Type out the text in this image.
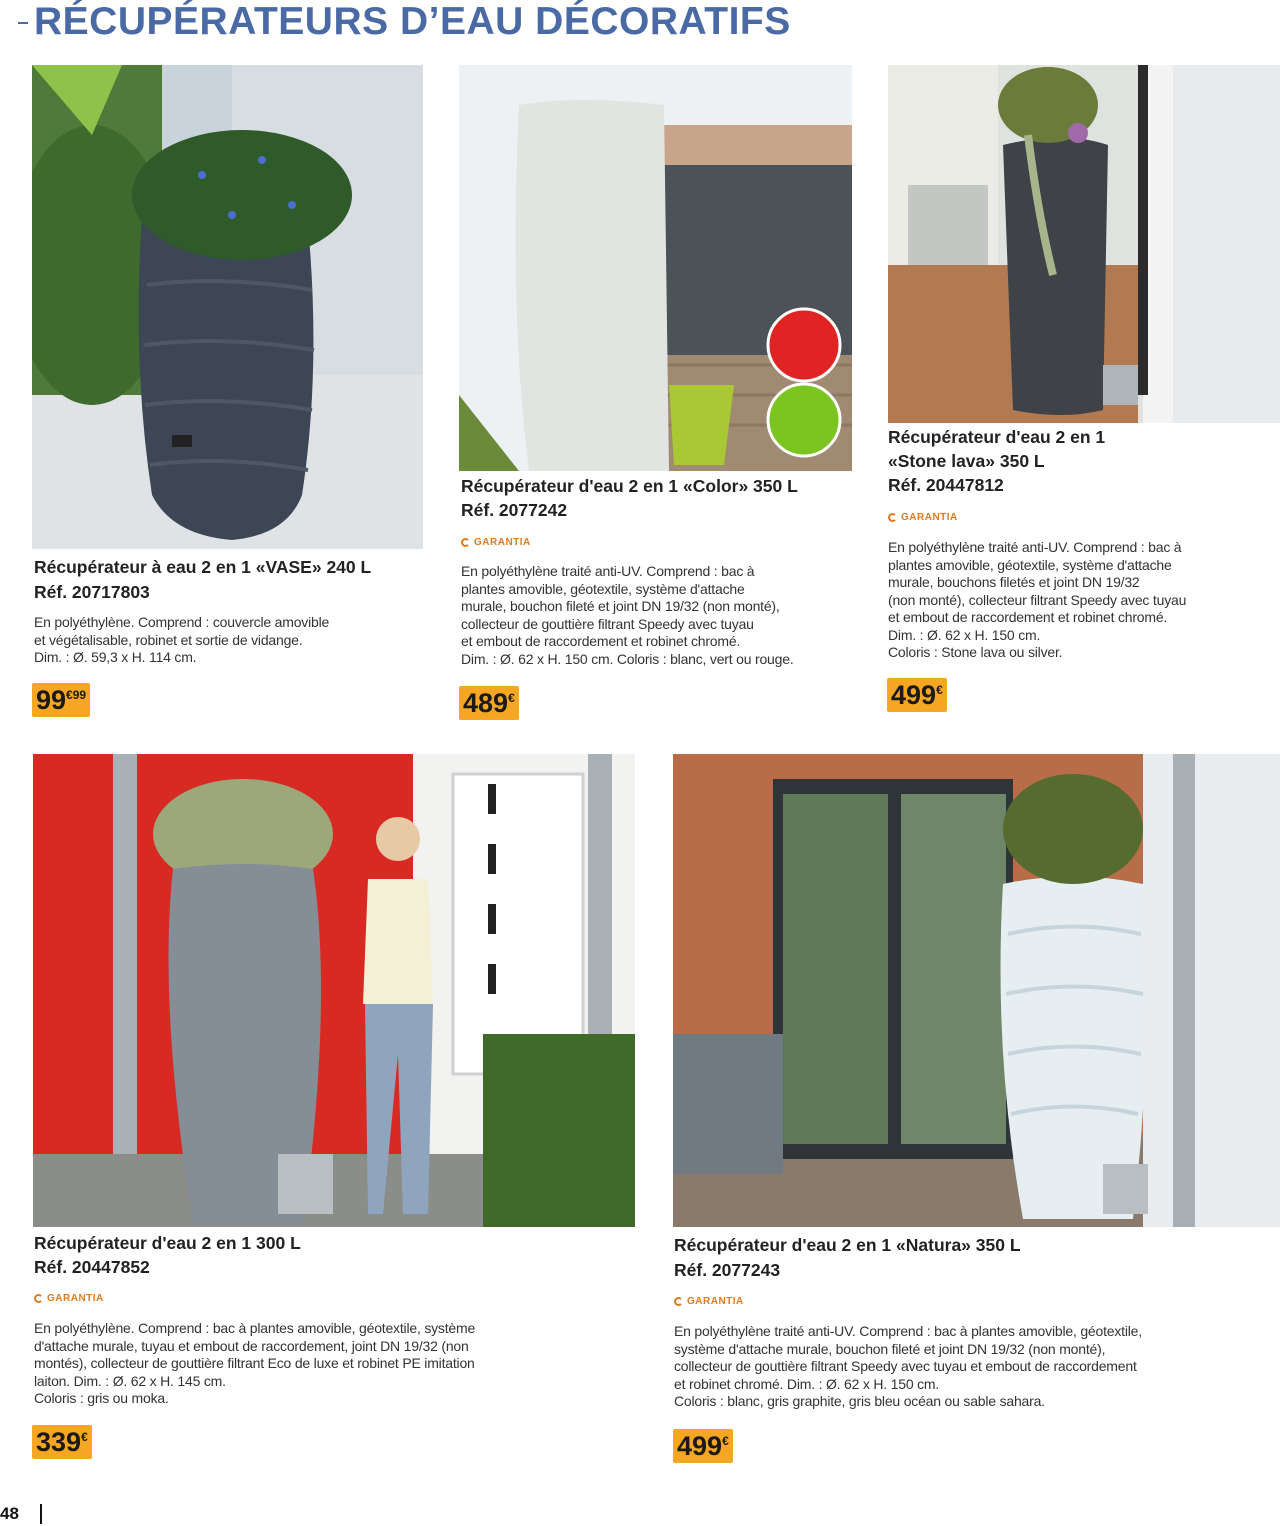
RÉCUPÉRATEURS D’EAU DÉCORATIFS
Récupérateur à eau 2 en 1 «VASE» 240 L
Réf. 20717803
En polyéthylène. Comprend : couvercle amovible
et végétalisable, robinet et sortie de vidange.
Dim. : Ø. 59,3 x H. 114 cm.
99 €99
Récupérateur d'eau 2 en 1 «Color» 350 L
Réf. 2077242
GARANTIA
En polyéthylène traité anti-UV. Comprend : bac à
plantes amovible, géotextile, système d'attache
murale, bouchon fileté et joint DN 19/32 (non monté),
collecteur de gouttière filtrant Speedy avec tuyau
et embout de raccordement et robinet chromé.
Dim. : Ø. 62 x H. 150 cm. Coloris : blanc, vert ou rouge.
489 €
Récupérateur d'eau 2 en 1
«Stone lava» 350 L
Réf. 20447812
GARANTIA
En polyéthylène traité anti-UV. Comprend : bac à
plantes amovible, géotextile, système d'attache
murale, bouchons filetés et joint DN 19/32
(non monté), collecteur filtrant Speedy avec tuyau
et embout de raccordement et robinet chromé.
Dim. : Ø. 62 x H. 150 cm.
Coloris : Stone lava ou silver.
499 €
Récupérateur d'eau 2 en 1 300 L
Réf. 20447852
GARANTIA
En polyéthylène. Comprend : bac à plantes amovible, géotextile, système
d'attache murale, tuyau et embout de raccordement, joint DN 19/32 (non
montés), collecteur de gouttière filtrant Eco de luxe et robinet PE imitation
laiton. Dim. : Ø. 62 x H. 145 cm.
Coloris : gris ou moka.
339 €
Récupérateur d'eau 2 en 1 «Natura» 350 L
Réf. 2077243
GARANTIA
En polyéthylène traité anti-UV. Comprend : bac à plantes amovible, géotextile,
système d'attache murale, bouchon fileté et joint DN 19/32 (non monté),
collecteur de gouttière filtrant Speedy avec tuyau et embout de raccordement
et robinet chromé. Dim. : Ø. 62 x H. 150 cm.
Coloris : blanc, gris graphite, gris bleu océan ou sable sahara.
499 €
48
